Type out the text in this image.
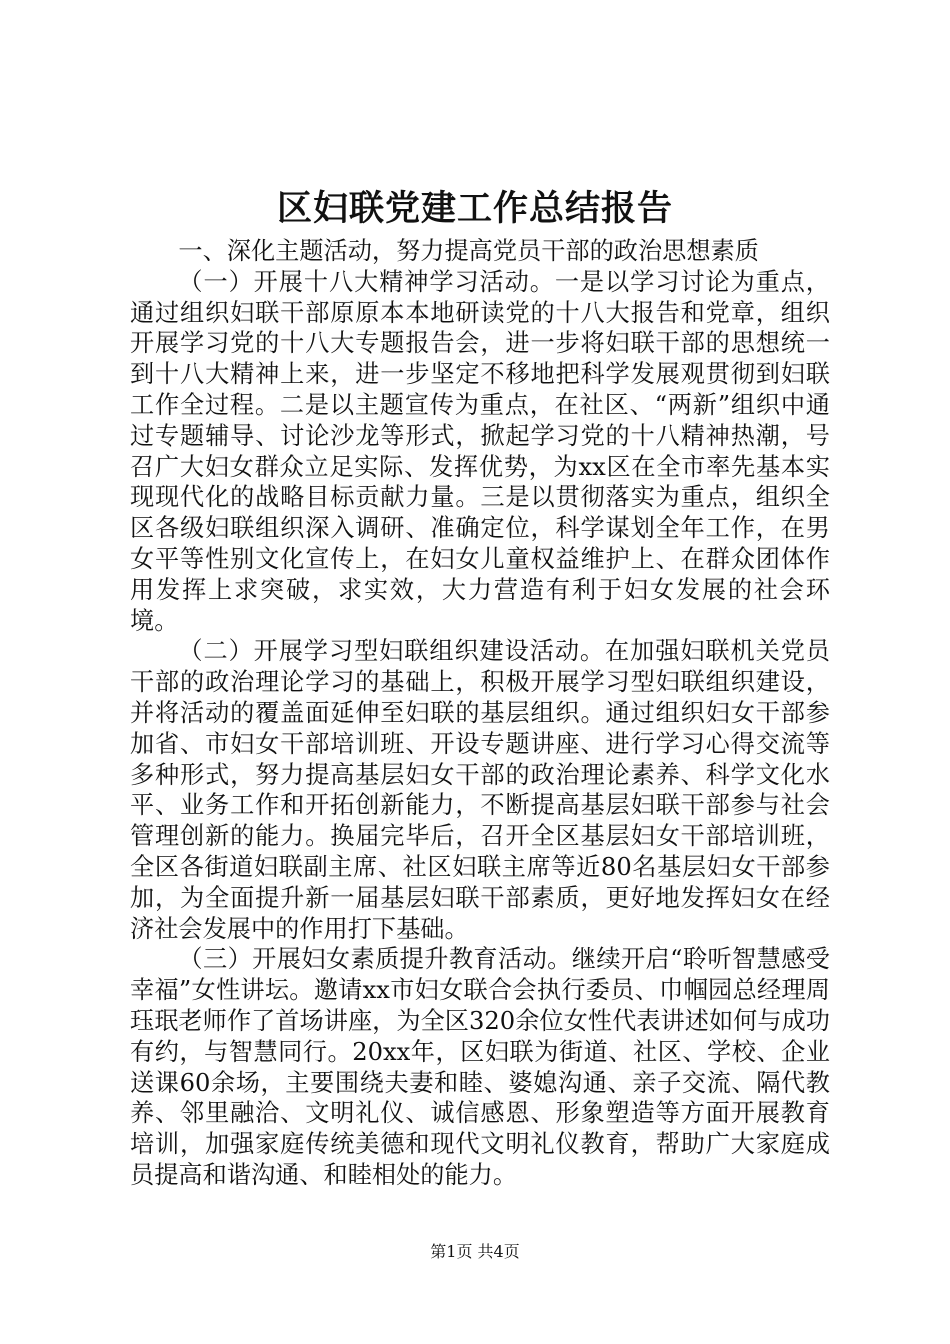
区妇联党建工作总结报告

一、深化主题活动，努力提高党员干部的政治思想素质

（一）开展十八大精神学习活动。一是以学习讨论为重点，通过组织妇联干部原原本本地研读党的十八大报告和党章，组织开展学习党的十八大专题报告会，进一步将妇联干部的思想统一到十八大精神上来，进一步坚定不移地把科学发展观贯彻到妇联工作全过程。二是以主题宣传为重点，在社区、“两新”组织中通过专题辅导、讨论沙龙等形式，掀起学习党的十八精神热潮，号召广大妇女群众立足实际、发挥优势，为xx区在全市率先基本实现现代化的战略目标贡献力量。三是以贯彻落实为重点，组织全区各级妇联组织深入调研、准确定位，科学谋划全年工作，在男女平等性别文化宣传上，在妇女儿童权益维护上、在群众团体作用发挥上求突破，求实效，大力营造有利于妇女发展的社会环境。

（二）开展学习型妇联组织建设活动。在加强妇联机关党员干部的政治理论学习的基础上，积极开展学习型妇联组织建设，并将活动的覆盖面延伸至妇联的基层组织。通过组织妇女干部参加省、市妇女干部培训班、开设专题讲座、进行学习心得交流等多种形式，努力提高基层妇女干部的政治理论素养、科学文化水平、业务工作和开拓创新能力，不断提高基层妇联干部参与社会管理创新的能力。换届完毕后，召开全区基层妇女干部培训班，全区各街道妇联副主席、社区妇联主席等近80名基层妇女干部参加，为全面提升新一届基层妇联干部素质，更好地发挥妇女在经济社会发展中的作用打下基础。

（三）开展妇女素质提升教育活动。继续开启“聆听智慧感受幸福”女性讲坛。邀请xx市妇女联合会执行委员、巾帼园总经理周珏珉老师作了首场讲座，为全区320余位女性代表讲述如何与成功有约，与智慧同行。20xx年，区妇联为街道、社区、学校、企业送课60余场，主要围绕夫妻和睦、婆媳沟通、亲子交流、隔代教养、邻里融洽、文明礼仪、诚信感恩、形象塑造等方面开展教育培训，加强家庭传统美德和现代文明礼仪教育，帮助广大家庭成员提高和谐沟通、和睦相处的能力。

第1页 共4页
